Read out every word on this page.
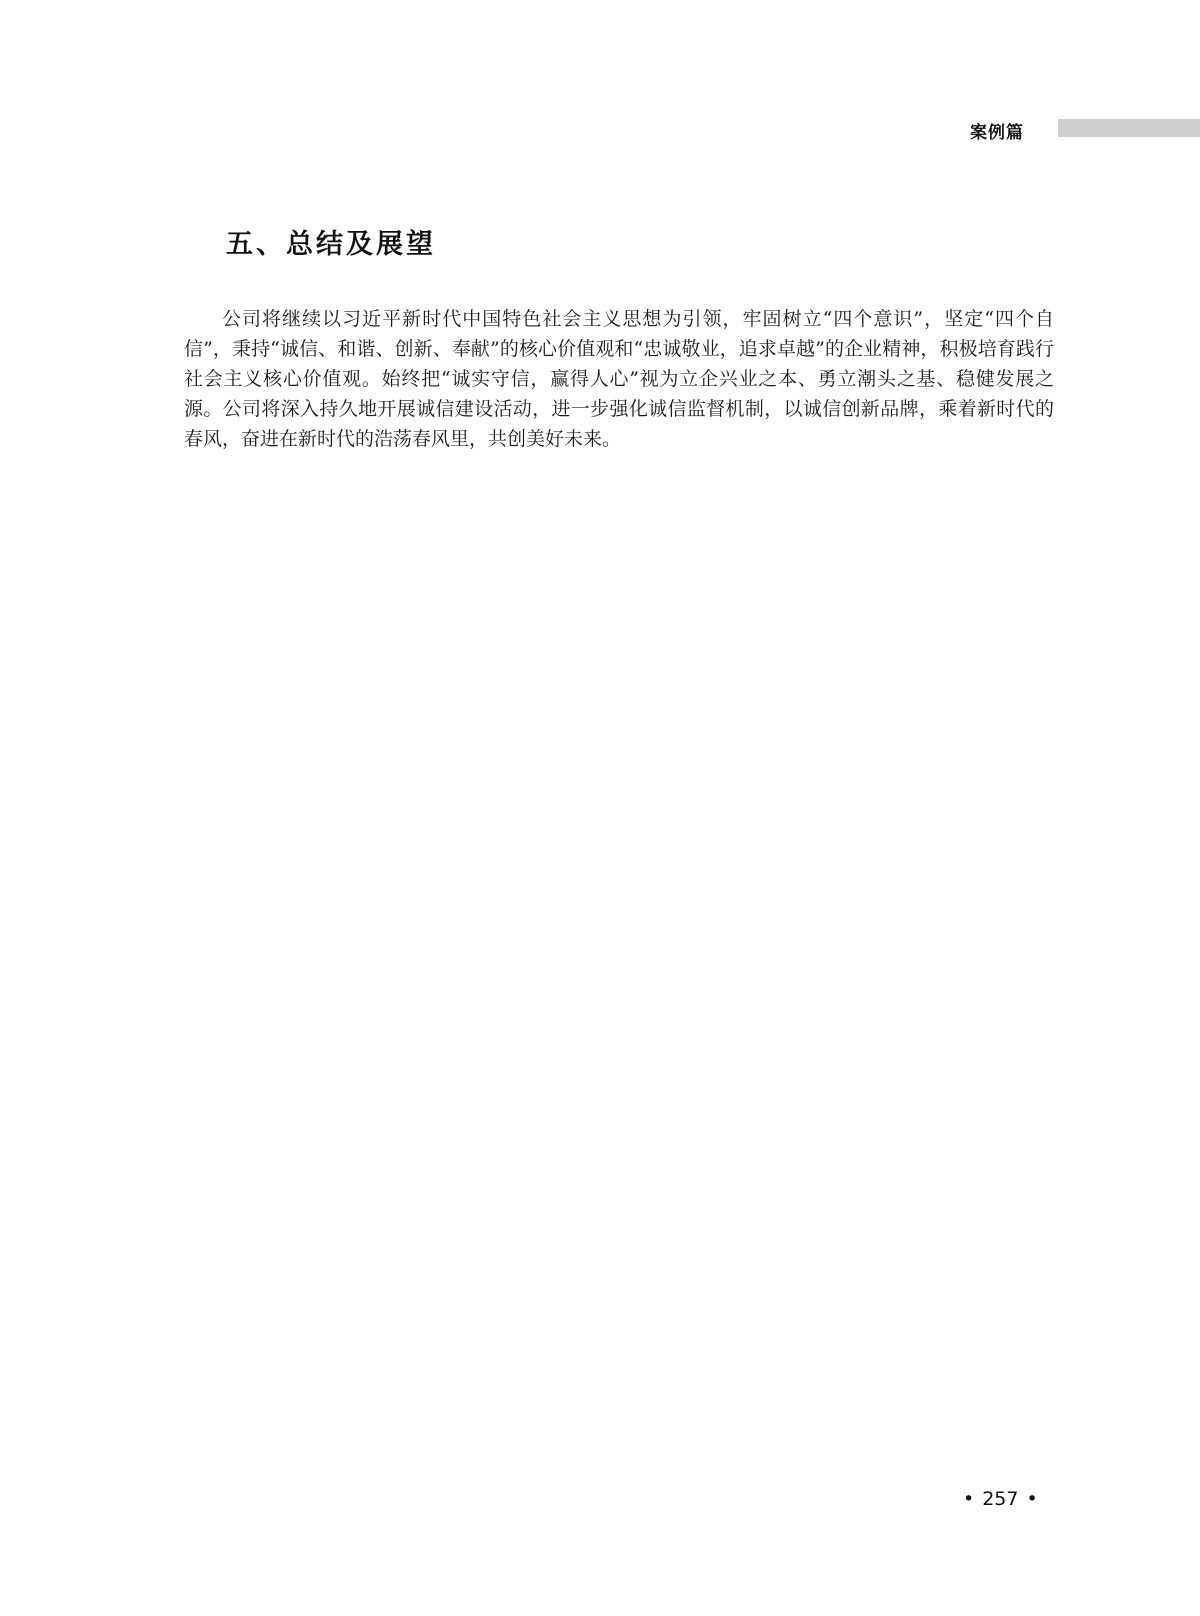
案例篇
五、总结及展望

公司将继续以习近平新时代中国特色社会主义思想为引领，牢固树立“四个意识”，坚定“四个自信”，秉持“诚信、和谐、创新、奉献”的核心价值观和“忠诚敬业，追求卓越”的企业精神，积极培育践行社会主义核心价值观。始终把“诚实守信，赢得人心”视为立企兴业之本、勇立潮头之基、稳健发展之源。公司将深入持久地开展诚信建设活动，进一步强化诚信监督机制，以诚信创新品牌，乘着新时代的春风，奋进在新时代的浩荡春风里，共创美好未来。

• 257 •
